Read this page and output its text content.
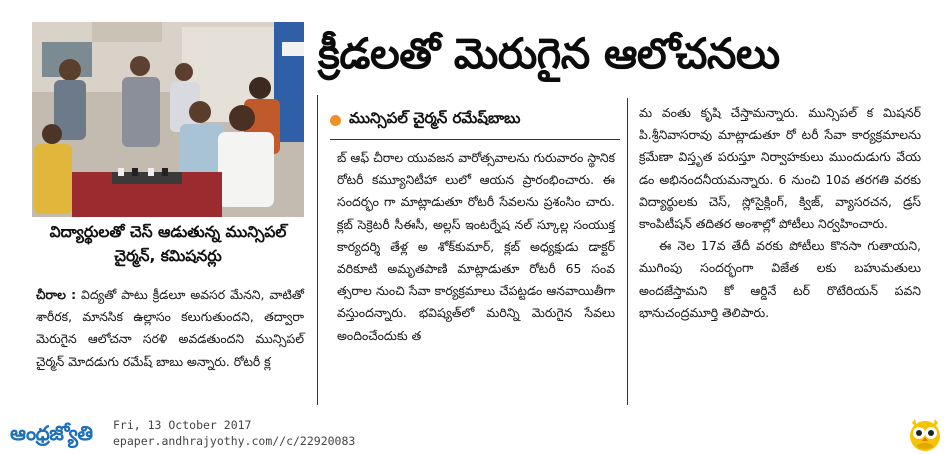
విద్యార్థులతో చెస్ ఆడుతున్న మున్సిపల్ చైర్మన్, కమిషనర్లు
చీరాల : విద్యతో పాటు క్రీడలూ అవసర మేనని, వాటితో శారీరక, మానసిక ఉల్లాసం కలుగుతుందని, తద్వారా మెరుగైన ఆలోచనా సరళి అవడతుందని మున్సిపల్ చైర్మన్ మోదడుగు రమేష్ బాబు అన్నారు. రోటరీ క్ల
క్రీడలతో మెరుగైన ఆలోచనలు
మున్సిపల్ చైర్మన్ రమేష్‌బాబు
బ్ ఆఫ్ చీరాల యువజన వారోత్సవాలను గురువారం స్థానిక రోటరీ కమ్యూనిటీహా లులో ఆయన ప్రారంభించారు. ఈ సందర్భం గా మాట్లాడుతూ రోటరీ సేవలను ప్రశంసిం చారు. క్లబ్ సెక్రెటరీ సీఈసీ, అల్లస్ ఇంటర్నేష నల్ స్కూల్ల సంయుక్త కార్యదర్శి తేళ్ల అ శోక్‌కుమార్, క్లబ్ అధ్యక్షుడు డాక్టర్ వరికూటి అమృతపాణి మాట్లాడుతూ రోటరీ 65 సంవ త్సరాల నుంచి సేవా కార్యక్రమాలు చేపట్టడం ఆనవాయితీగా వస్తుందన్నారు. భవిష్యత్‌లో మరిన్ని మెరుగైన సేవలు అందించేందుకు త

మ వంతు కృషి చేస్తామన్నారు. మున్సిపల్ క మిషనర్ పి.శ్రీనివాసరావు మాట్లాడుతూ రో టరీ సేవా కార్యక్రమాలను క్రమేణా విస్తృత పరుస్తూ నిర్వాహకులు ముందుడుగు వేయ డం అభినందనీయమన్నారు. 6 నుంచి 10వ తరగతి వరకు విద్యార్థులకు చెస్, స్లోసైక్లింగ్, క్విజ్, వ్యాసరచన, డ్రస్ కాంపిటీషన్ తదితర అంశాల్లో పోటీలు నిర్వహించారు.

ఈ నెల 17వ తేదీ వరకు పోటీలు కొనసా గుతాయని, ముగింపు సందర్భంగా విజేత లకు బహుమతులు అందజేస్తామని కో ఆర్డినే టర్ రొటేరియన్ పవని భానుచంద్రమూర్తి తెలిపారు.

ఆంధ్రజ్యోతి Fri, 13 October 2017
epaper.andhrajyothy.com//c/22920083
